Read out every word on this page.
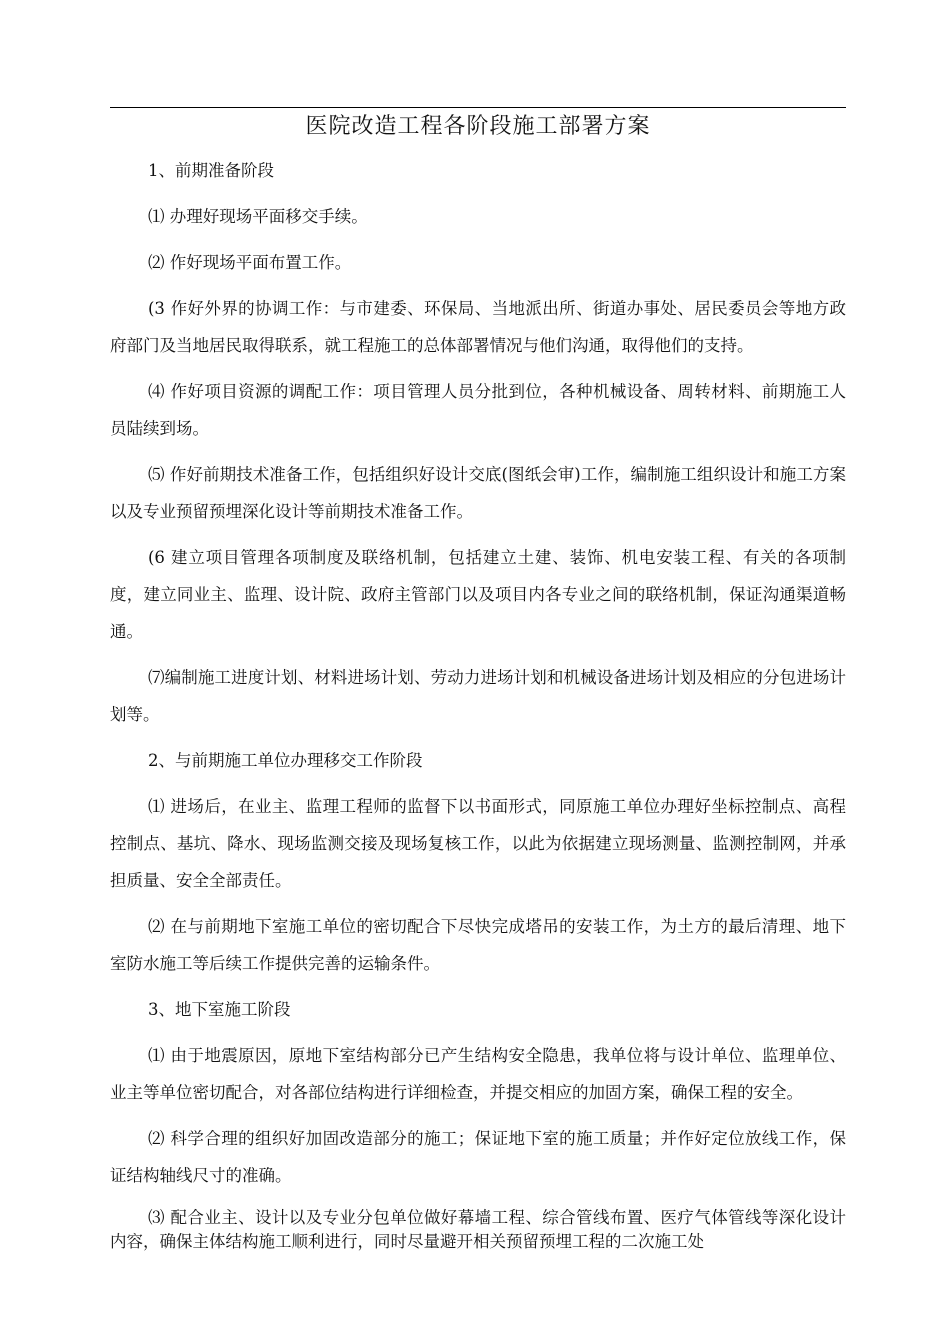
医院改造工程各阶段施工部署方案

1、前期准备阶段

⑴ 办理好现场平面移交手续。

⑵ 作好现场平面布置工作。

(3 作好外界的协调工作：与市建委、环保局、当地派出所、街道办事处、居民委员会等地方政府部门及当地居民取得联系，就工程施工的总体部署情况与他们沟通，取得他们的支持。

⑷ 作好项目资源的调配工作：项目管理人员分批到位，各种机械设备、周转材料、前期施工人员陆续到场。

⑸ 作好前期技术准备工作，包括组织好设计交底(图纸会审)工作，编制施工组织设计和施工方案以及专业预留预埋深化设计等前期技术准备工作。

(6 建立项目管理各项制度及联络机制，包括建立土建、装饰、机电安装工程、有关的各项制度，建立同业主、监理、设计院、政府主管部门以及项目内各专业之间的联络机制，保证沟通渠道畅通。

⑺编制施工进度计划、材料进场计划、劳动力进场计划和机械设备进场计划及相应的分包进场计划等。

2、与前期施工单位办理移交工作阶段

⑴ 进场后，在业主、监理工程师的监督下以书面形式，同原施工单位办理好坐标控制点、高程控制点、基坑、降水、现场监测交接及现场复核工作，以此为依据建立现场测量、监测控制网，并承担质量、安全全部责任。

⑵ 在与前期地下室施工单位的密切配合下尽快完成塔吊的安装工作，为土方的最后清理、地下室防水施工等后续工作提供完善的运输条件。

3、地下室施工阶段

⑴ 由于地震原因，原地下室结构部分已产生结构安全隐患，我单位将与设计单位、监理单位、业主等单位密切配合，对各部位结构进行详细检查，并提交相应的加固方案，确保工程的安全。

⑵ 科学合理的组织好加固改造部分的施工；保证地下室的施工质量；并作好定位放线工作，保证结构轴线尺寸的准确。

⑶ 配合业主、设计以及专业分包单位做好幕墙工程、综合管线布置、医疗气体管线等深化设计内容，确保主体结构施工顺利进行，同时尽量避开相关预留预埋工程的二次施工处
